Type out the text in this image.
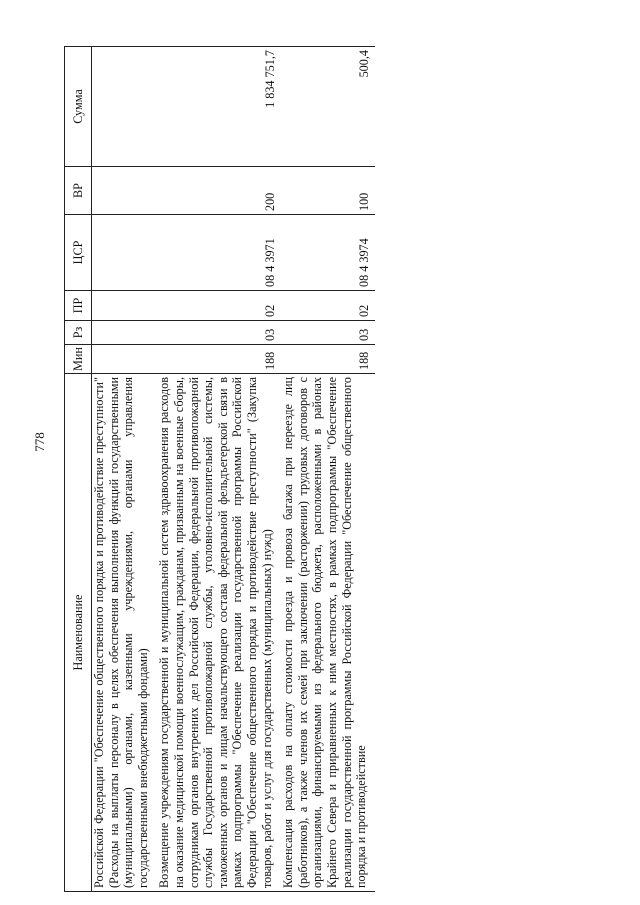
778
Наименование	Мин	Рз	ПР	ЦСР	ВР	Сумма
Российской Федерации "Обеспечение общественного порядка и противодействие преступности" (Расходы на выплаты персоналу в целях обеспечения выполнения функций государственными (муниципальными) органами, казенными учреждениями, органами управления государственными внебюджетными фондами)						
Возмещение учреждениям государственной и муниципальной систем здравоохранения расходов на оказание медицинской помощи военнослужащим, гражданам, призванным на военные сборы, сотрудникам органов внутренних дел Российской Федерации, федеральной противопожарной службы Государственной противопожарной службы, уголовно-исполнительной системы, таможенных органов и лицам начальствующего состава федеральной фельдъегерской связи в рамках подпрограммы "Обеспечение реализации государственной программы Российской Федерации "Обеспечение общественного порядка и противодействие преступности" (Закупка товаров, работ и услуг для государственных (муниципальных) нужд)	188	03	02	08 4 3971	200	1 834 751,7
Компенсация расходов на оплату стоимости проезда и провоза багажа при переезде лиц (работников), а также членов их семей при заключении (расторжении) трудовых договоров с организациями, финансируемыми из федерального бюджета, расположенными в районах Крайнего Севера и приравненных к ним местностях, в рамках подпрограммы "Обеспечение реализации государственной программы Российской Федерации "Обеспечение общественного порядка и противодействие	188	03	02	08 4 3974	100	500,4
